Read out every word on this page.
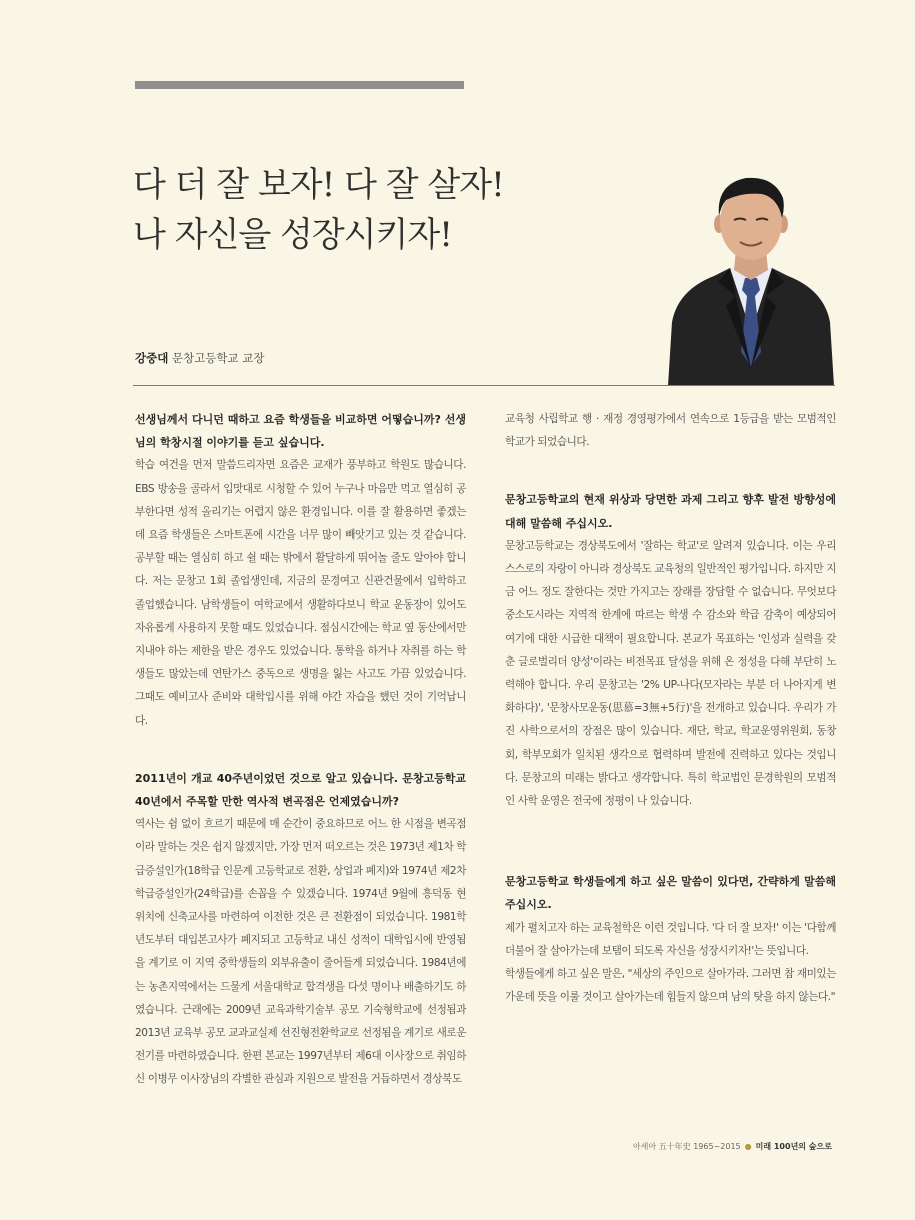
다 더 잘 보자! 다 잘 살자!
나 자신을 성장시키자!
강중대 문창고등학교 교장

선생님께서 다니던 때하고 요즘 학생들을 비교하면 어떻습니까? 선생님의 학창시절 이야기를 듣고 싶습니다.

학습 여건을 먼저 말씀드리자면 요즘은 교재가 풍부하고 학원도 많습니다. EBS 방송을 골라서 입맛대로 시청할 수 있어 누구나 마음만 먹고 열심히 공부한다면 성적 올리기는 어렵지 않은 환경입니다. 이를 잘 활용하면 좋겠는데 요즘 학생들은 스마트폰에 시간을 너무 많이 빼앗기고 있는 것 같습니다. 공부할 때는 열심히 하고 쉴 때는 밖에서 활달하게 뛰어놀 줄도 알아야 합니다. 저는 문창고 1회 졸업생인데, 지금의 문경여고 신관건물에서 입학하고 졸업했습니다. 남학생들이 여학교에서 생활하다보니 학교 운동장이 있어도 자유롭게 사용하지 못할 때도 있었습니다. 점심시간에는 학교 옆 동산에서만 지내야 하는 제한을 받은 경우도 있었습니다. 통학을 하거나 자취를 하는 학생들도 많았는데 연탄가스 중독으로 생명을 잃는 사고도 가끔 있었습니다. 그때도 예비고사 준비와 대학입시를 위해 야간 자습을 했던 것이 기억납니다.

2011년이 개교 40주년이었던 것으로 알고 있습니다. 문창고등학교 40년에서 주목할 만한 역사적 변곡점은 언제였습니까?

역사는 쉼 없이 흐르기 때문에 매 순간이 중요하므로 어느 한 시점을 변곡점이라 말하는 것은 쉽지 않겠지만, 가장 먼저 떠오르는 것은 1973년 제1차 학급증설인가(18학급 인문계 고등학교로 전환, 상업과 폐지)와 1974년 제2차 학급증설인가(24학급)를 손꼽을 수 있겠습니다. 1974년 9월에 흥덕동 현 위치에 신축교사를 마련하여 이전한 것은 큰 전환점이 되었습니다. 1981학년도부터 대입본고사가 폐지되고 고등학교 내신 성적이 대학입시에 반영됨을 계기로 이 지역 중학생들의 외부유출이 줄어들게 되었습니다. 1984년에는 농촌지역에서는 드물게 서울대학교 합격생을 다섯 명이나 배출하기도 하였습니다. 근래에는 2009년 교육과학기술부 공모 기숙형학교에 선정됨과 2013년 교육부 공모 교과교실제 선진형전환학교로 선정됨을 계기로 새로운 전기를 마련하였습니다. 한편 본교는 1997년부터 제6대 이사장으로 취임하신 이병무 이사장님의 각별한 관심과 지원으로 발전을 거듭하면서 경상북도

교육청 사립학교 행 · 재정 경영평가에서 연속으로 1등급을 받는 모범적인 학교가 되었습니다.

문창고등학교의 현재 위상과 당면한 과제 그리고 향후 발전 방향성에 대해 말씀해 주십시오.

문창고등학교는 경상북도에서 '잘하는 학교'로 알려져 있습니다. 이는 우리 스스로의 자랑이 아니라 경상북도 교육청의 일반적인 평가입니다. 하지만 지금 어느 정도 잘한다는 것만 가지고는 장래를 장담할 수 없습니다. 무엇보다 중소도시라는 지역적 한계에 따르는 학생 수 감소와 학급 감축이 예상되어 여기에 대한 시급한 대책이 필요합니다. 본교가 목표하는 '인성과 실력을 갖춘 글로벌리더 양성'이라는 비전목표 달성을 위해 온 정성을 다해 부단히 노력해야 합니다. 우리 문창고는 '2% UP-나다(모자라는 부분 더 나아지게 변화하다)', '문창사모운동(思慕=3無+5行)'을 전개하고 있습니다. 우리가 가진 사학으로서의 장점은 많이 있습니다. 재단, 학교, 학교운영위원회, 동창회, 학부모회가 일치된 생각으로 협력하며 발전에 진력하고 있다는 것입니다. 문창고의 미래는 밝다고 생각합니다. 특히 학교법인 문경학원의 모범적인 사학 운영은 전국에 정평이 나 있습니다.

문창고등학교 학생들에게 하고 싶은 말씀이 있다면, 간략하게 말씀해 주십시오.

제가 펼치고자 하는 교육철학은 이런 것입니다. '다 더 잘 보자!' 이는 '다함께 더불어 잘 살아가는데 보탬이 되도록 자신을 성장시키자!'는 뜻입니다.

학생들에게 하고 싶은 말은, "세상의 주인으로 살아가라. 그러면 참 재미있는 가운데 뜻을 이룰 것이고 살아가는데 힘들지 않으며 남의 탓을 하지 않는다."

아세아 五十年史 1965~2015 ● 미래 100년의 숲으로
